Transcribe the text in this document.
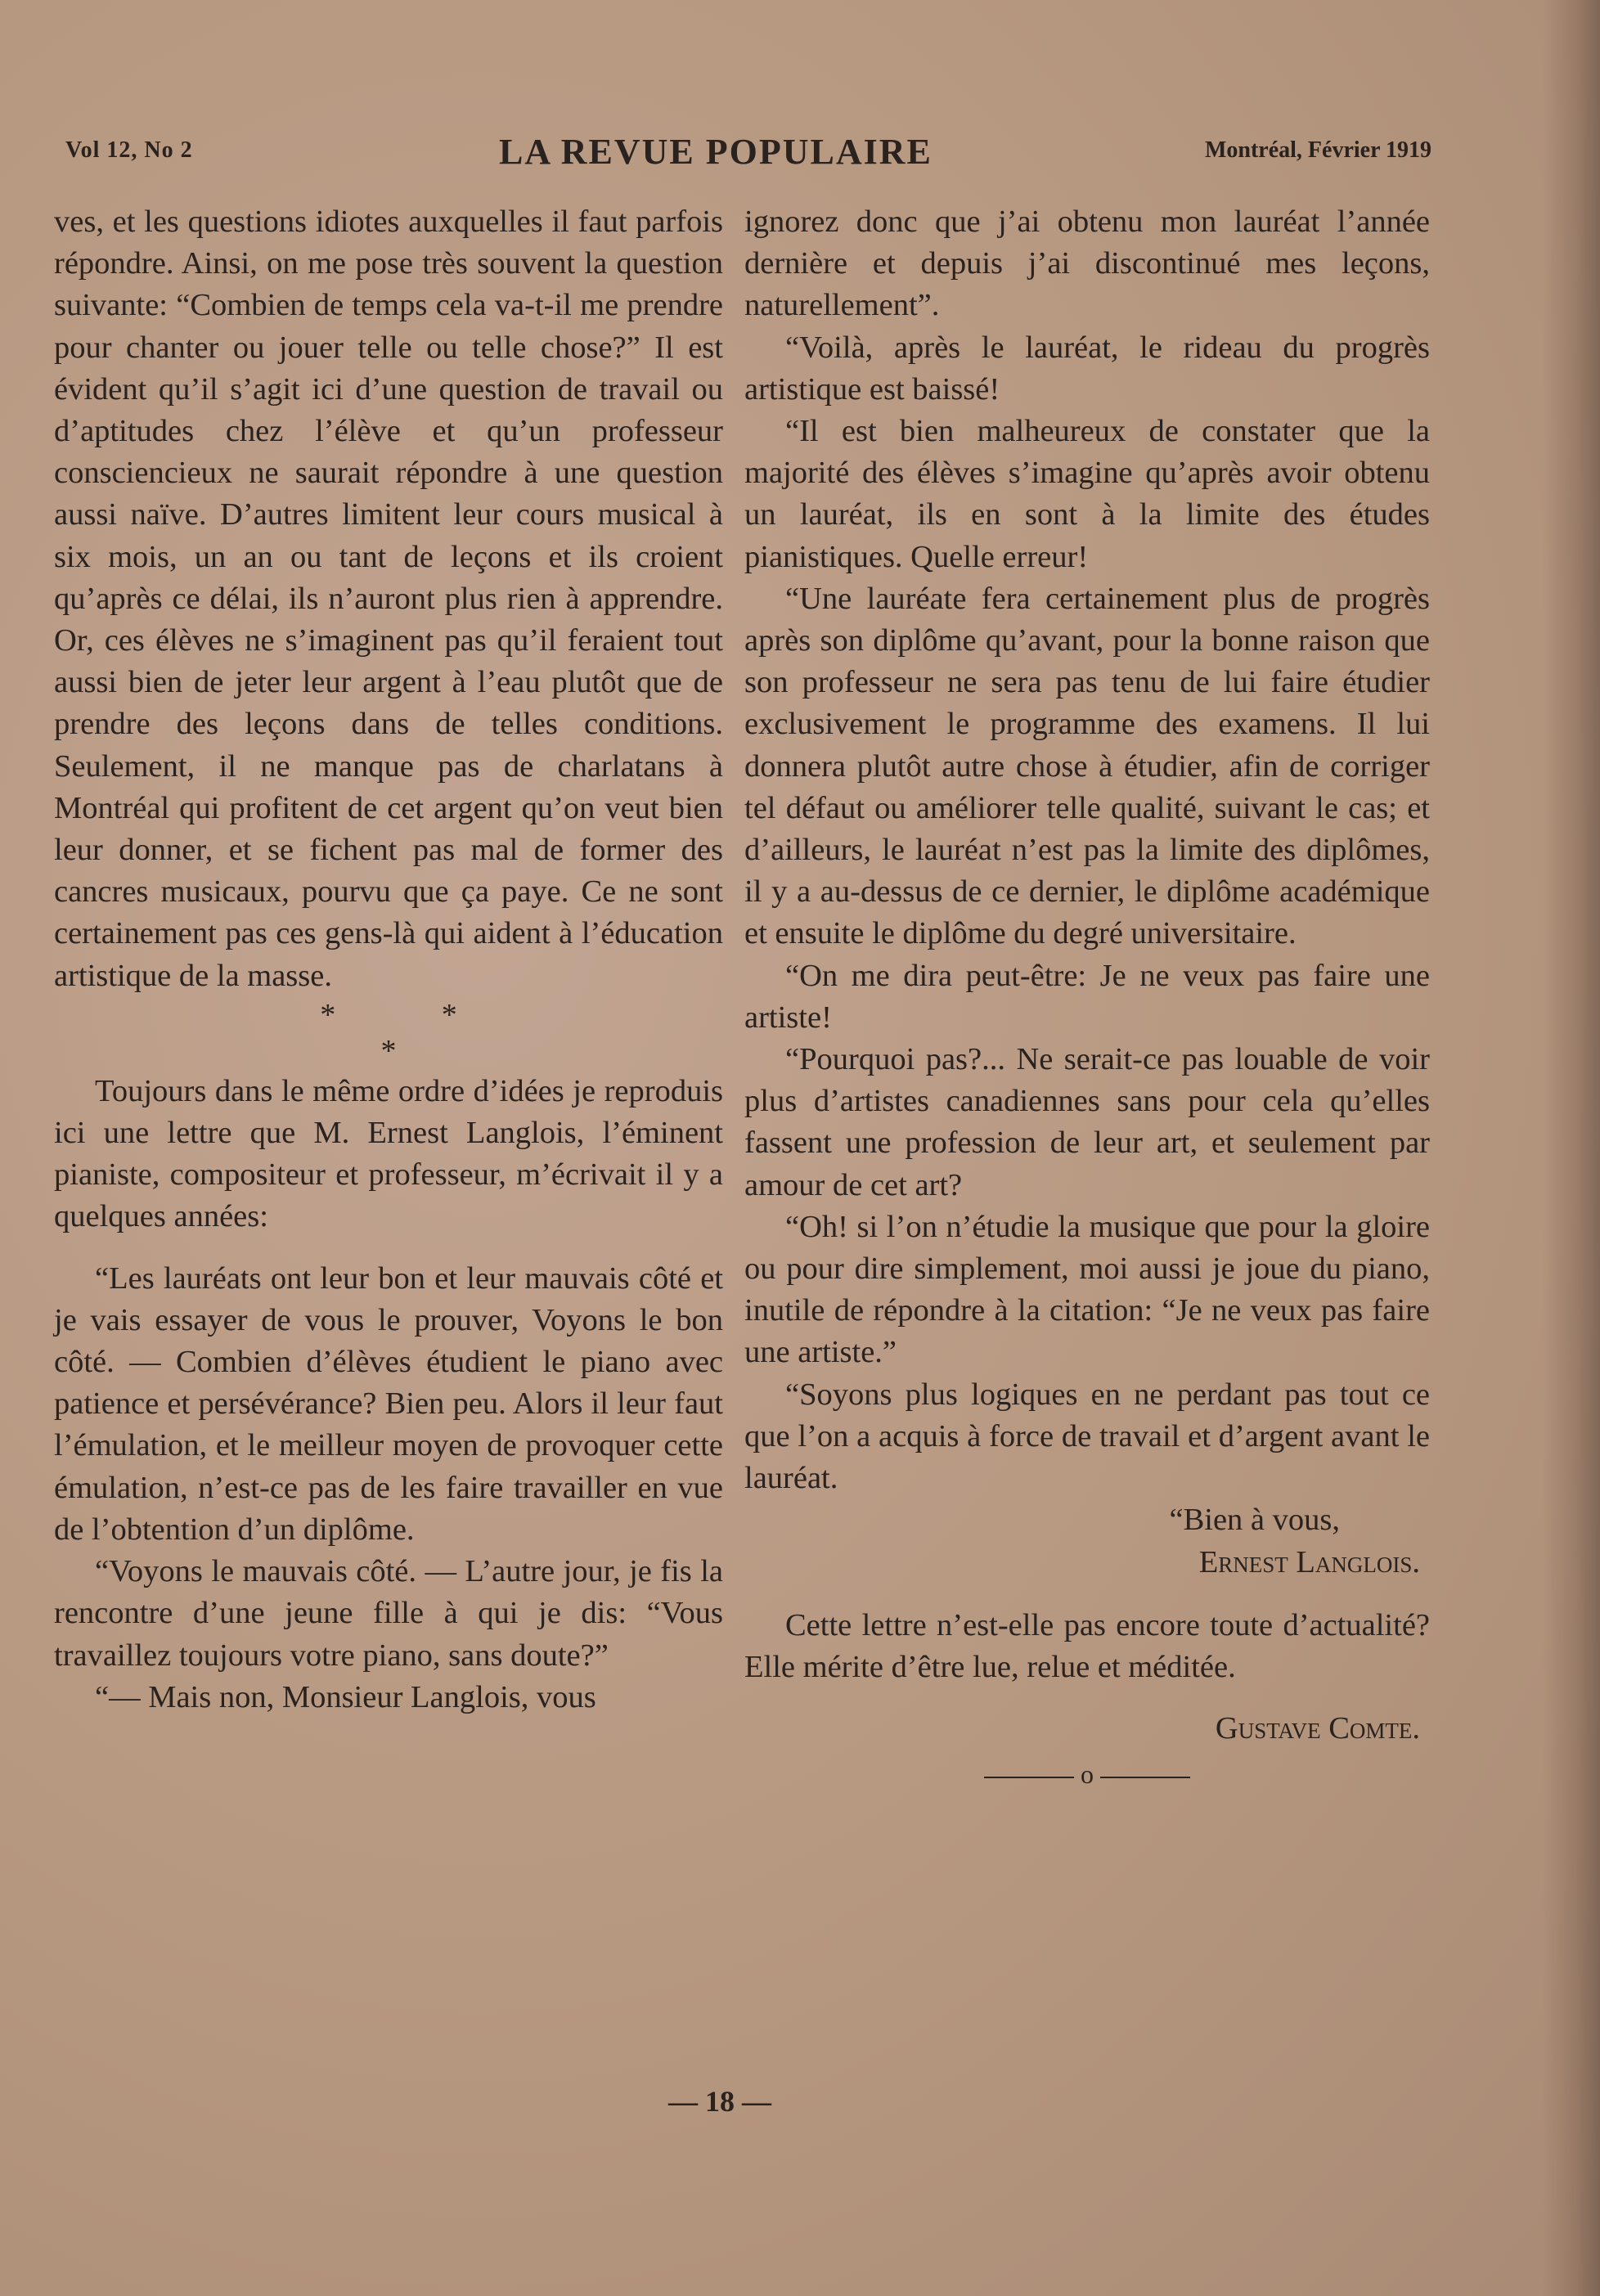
Vol 12, No 2	LA REVUE POPULAIRE	Montréal, Février 1919

ves, et les questions idiotes auxquelles il faut parfois répondre. Ainsi, on me pose très souvent la question suivante: “Combien de temps cela va-t-il me prendre pour chanter ou jouer telle ou telle chose?” Il est évident qu’il s’agit ici d’une question de travail ou d’aptitudes chez l’élève et qu’un professeur consciencieux ne saurait répondre à une question aussi naïve. D’autres limitent leur cours musical à six mois, un an ou tant de leçons et ils croient qu’après ce délai, ils n’auront plus rien à apprendre. Or, ces élèves ne s’imaginent pas qu’il feraient tout aussi bien de jeter leur argent à l’eau plutôt que de prendre des leçons dans de telles conditions. Seulement, il ne manque pas de charlatans à Montréal qui profitent de cet argent qu’on veut bien leur donner, et se fichent pas mal de former des cancres musicaux, pourvu que ça paye. Ce ne sont certainement pas ces gens-là qui aident à l’éducation artistique de la masse.

* *
*

Toujours dans le même ordre d’idées je reproduis ici une lettre que M. Ernest Langlois, l’éminent pianiste, compositeur et professeur, m’écrivait il y a quelques années:

“Les lauréats ont leur bon et leur mauvais côté et je vais essayer de vous le prouver, Voyons le bon côté. — Combien d’élèves étudient le piano avec patience et persévérance? Bien peu. Alors il leur faut l’émulation, et le meilleur moyen de provoquer cette émulation, n’est-ce pas de les faire travailler en vue de l’obtention d’un diplôme.

“Voyons le mauvais côté. — L’autre jour, je fis la rencontre d’une jeune fille à qui je dis: “Vous travaillez toujours votre piano, sans doute?”

“— Mais non, Monsieur Langlois, vous

ignorez donc que j’ai obtenu mon lauréat l’année dernière et depuis j’ai discontinué mes leçons, naturellement”.

“Voilà, après le lauréat, le rideau du progrès artistique est baissé!

“Il est bien malheureux de constater que la majorité des élèves s’imagine qu’après avoir obtenu un lauréat, ils en sont à la limite des études pianistiques. Quelle erreur!

“Une lauréate fera certainement plus de progrès après son diplôme qu’avant, pour la bonne raison que son professeur ne sera pas tenu de lui faire étudier exclusivement le programme des examens. Il lui donnera plutôt autre chose à étudier, afin de corriger tel défaut ou améliorer telle qualité, suivant le cas; et d’ailleurs, le lauréat n’est pas la limite des diplômes, il y a au-dessus de ce dernier, le diplôme académique et ensuite le diplôme du degré universitaire.

“On me dira peut-être: Je ne veux pas faire une artiste!

“Pourquoi pas?... Ne serait-ce pas louable de voir plus d’artistes canadiennes sans pour cela qu’elles fassent une profession de leur art, et seulement par amour de cet art?

“Oh! si l’on n’étudie la musique que pour la gloire ou pour dire simplement, moi aussi je joue du piano, inutile de répondre à la citation: “Je ne veux pas faire une artiste.”

“Soyons plus logiques en ne perdant pas tout ce que l’on a acquis à force de travail et d’argent avant le lauréat.

“Bien à vous,

Ernest Langlois.

Cette lettre n’est-elle pas encore toute d’actualité? Elle mérite d’être lue, relue et méditée.

Gustave Comte.

o
— 18 —
